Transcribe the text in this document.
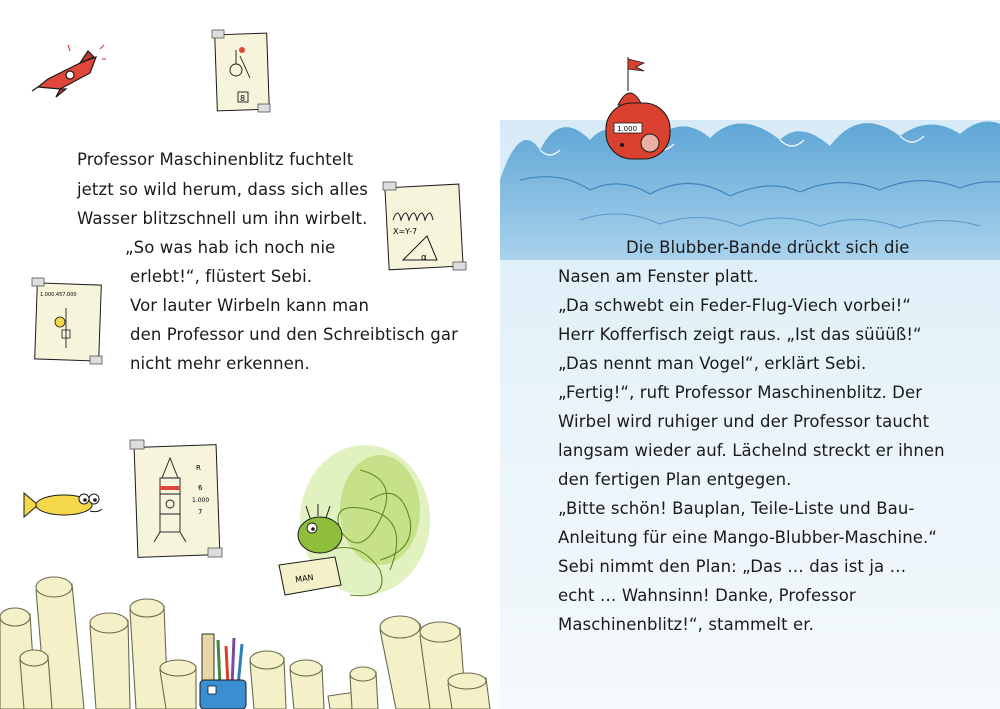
8
Professor Maschinenblitz fuchtelt
jetzt so wild herum, dass sich alles
Wasser blitzschnell um ihn wirbelt.
„So was hab ich noch nie
erlebt!“, flüstert Sebi.
Vor lauter Wirbeln kann man
den Professor und den Schreibtisch gar
nicht mehr erkennen.
X=Y-7
α
1.000.457.000
R
6
1.000
7
MAN
1.000
Die Blubber-Bande drückt sich die
Nasen am Fenster platt.
„Da schwebt ein Feder-Flug-Viech vorbei!“
Herr Kofferfisch zeigt raus. „Ist das süüüß!“
„Das nennt man Vogel“, erklärt Sebi.
„Fertig!“, ruft Professor Maschinenblitz. Der
Wirbel wird ruhiger und der Professor taucht
langsam wieder auf. Lächelnd streckt er ihnen
den fertigen Plan entgegen.
„Bitte schön! Bauplan, Teile-Liste und Bau-
Anleitung für eine Mango-Blubber-Maschine.“
Sebi nimmt den Plan: „Das … das ist ja …
echt … Wahnsinn! Danke, Professor
Maschinenblitz!“, stammelt er.
